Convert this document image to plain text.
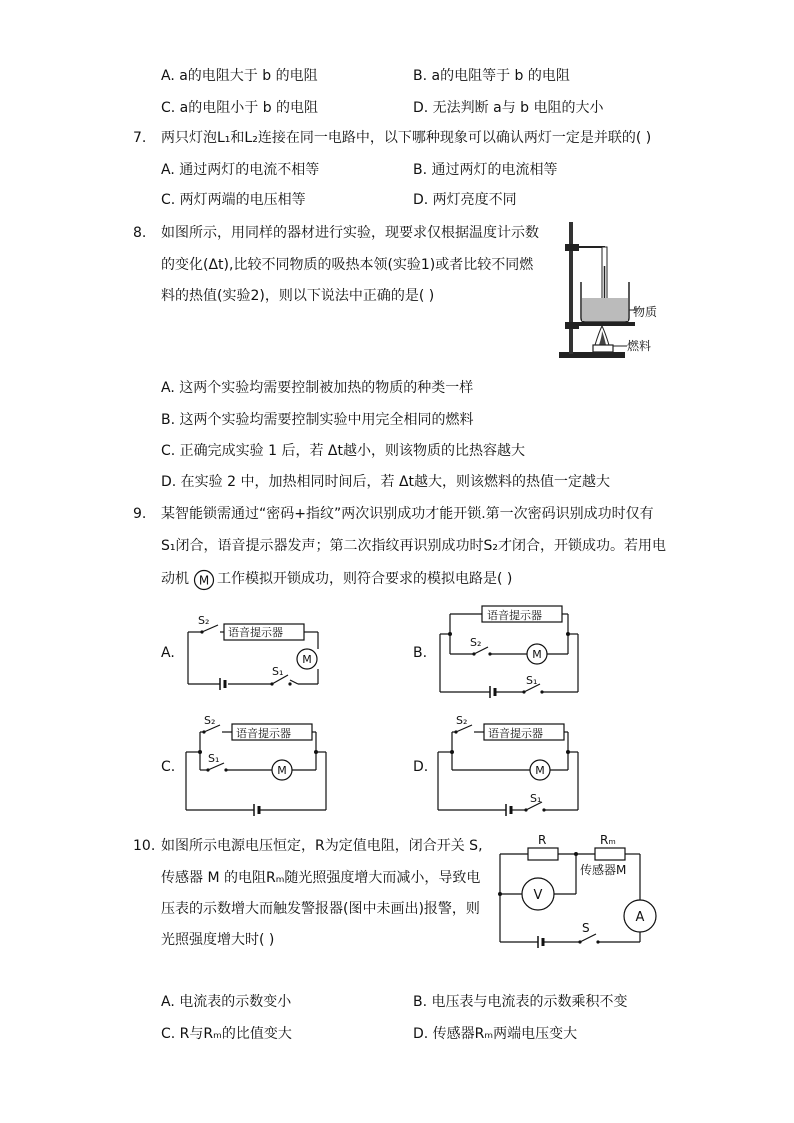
A. a的电阻大于 b 的电阻	B. a的电阻等于 b 的电阻
C. a的电阻小于 b 的电阻	D. 无法判断 a与 b 电阻的大小
7. 两只灯泡L₁和L₂连接在同一电路中，以下哪种现象可以确认两灯一定是并联的( )
A. 通过两灯的电流不相等	B. 通过两灯的电流相等
C. 两灯两端的电压相等	D. 两灯亮度不同
8. 如图所示，用同样的器材进行实验，现要求仅根据温度计示数
的变化(Δt),比较不同物质的吸热本领(实验1)或者比较不同燃
料的热值(实验2)，则以下说法中正确的是( )
物质
燃料
A. 这两个实验均需要控制被加热的物质的种类一样
B. 这两个实验均需要控制实验中用完全相同的燃料
C. 正确完成实验 1 后，若 Δt越小，则该物质的比热容越大
D. 在实验 2 中，加热相同时间后，若 Δt越大，则该燃料的热值一定越大
9. 某智能锁需通过“密码+指纹”两次识别成功才能开锁.第一次密码识别成功时仅有
S₁闭合，语音提示器发声；第二次指纹再识别成功时S₂才闭合，开锁成功。若用电
动机 M 工作模拟开锁成功，则符合要求的模拟电路是( )
A.
S₂
语音提示器
M
S₁
B.
语音提示器
S₂
M
S₁
C.
S₂
语音提示器
S₁
M	D.
S₂
语音提示器
M
S₁
10. 如图所示电源电压恒定，R为定值电阻，闭合开关 S,
传感器 M 的电阻Rₘ随光照强度增大而减小，导致电
压表的示数增大而触发警报器(图中未画出)报警，则
光照强度增大时( )
R	Rₘ
传感器M
V
A
S
A. 电流表的示数变小	B. 电压表与电流表的示数乘积不变
C. R与Rₘ的比值变大	D. 传感器Rₘ两端电压变大
